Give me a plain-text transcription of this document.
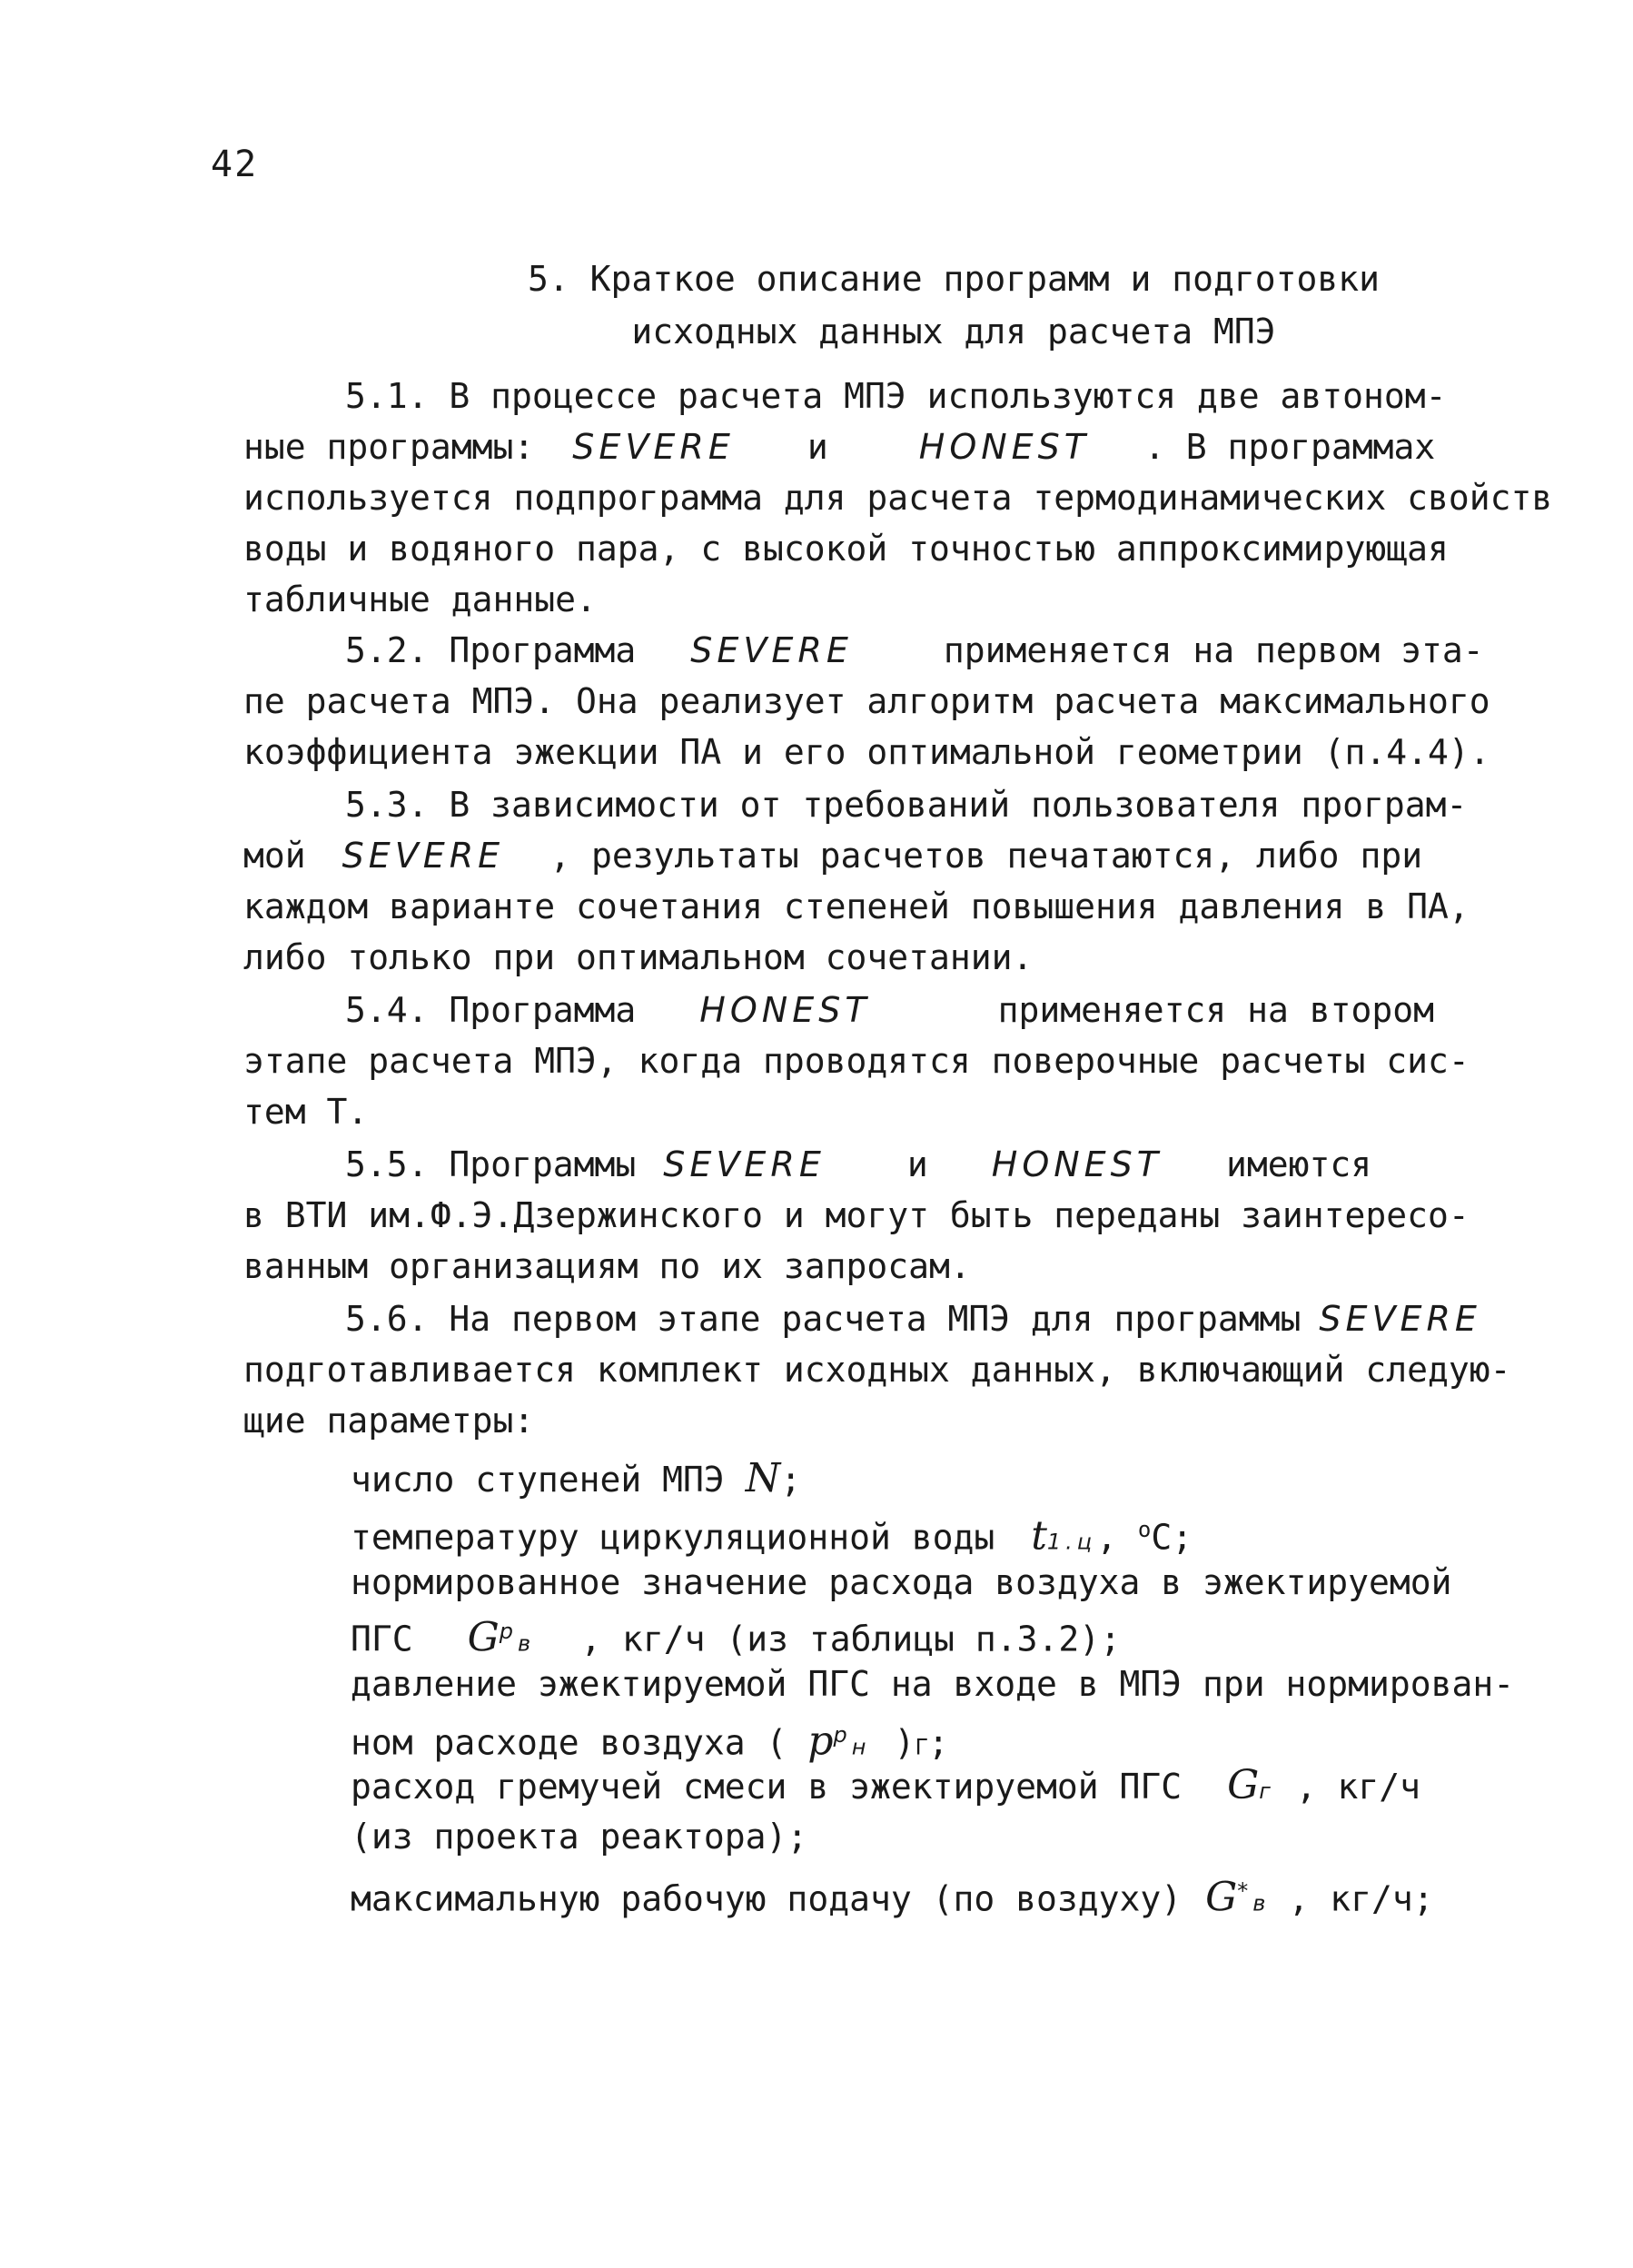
42
5. Краткое описание программ и подготовки
исходных данных для расчета МПЭ
5.1. В процессе расчета МПЭ используются две автоном-
ные программы: SEVERE и	HONEST . В программах
используется подпрограмма для расчета термодинамических свойств
воды и водяного пара, с высокой точностью аппроксимирующая
табличные данные.
5.2. Программа SEVERE	применяется на первом эта-
пе расчета МПЭ. Она реализует алгоритм расчета максимального
коэффициента эжекции ПА и его оптимальной геометрии (п.4.4).
5.3. В зависимости от требований пользователя програм-
мой SEVERE , результаты расчетов печатаются, либо при
каждом варианте сочетания степеней повышения давления в ПА,
либо только при оптимальном сочетании.
5.4. Программа HONEST	применяется на втором
этапе расчета МПЭ, когда проводятся поверочные расчеты сис-
тем Т.
5.5. Программы SEVERE и HONEST имеются
в ВТИ им.Ф.Э.Дзержинского и могут быть переданы заинтересо-
ванным организациям по их запросам.
5.6. На первом этапе расчета МПЭ для программы SEVERE
подготавливается комплект исходных данных, включающий следую-
щие параметры:
число ступеней МПЭ N;
температуру циркуляционной воды t1.ц, $^о$С;
нормированное значение расхода воздуха в эжектируемой
ПГС $G^рв$ , кг/ч (из таблицы п.3.2);
давление эжектируемой ПГС на входе в МПЭ при нормирован-
ном расходе воздуха ( $p^рн$ )Г;
расход гремучей смеси в эжектируемой ПГС Gг , кг/ч
(из проекта реактора);
максимальную рабочую подачу (по воздуху) G*в , кг/ч;
